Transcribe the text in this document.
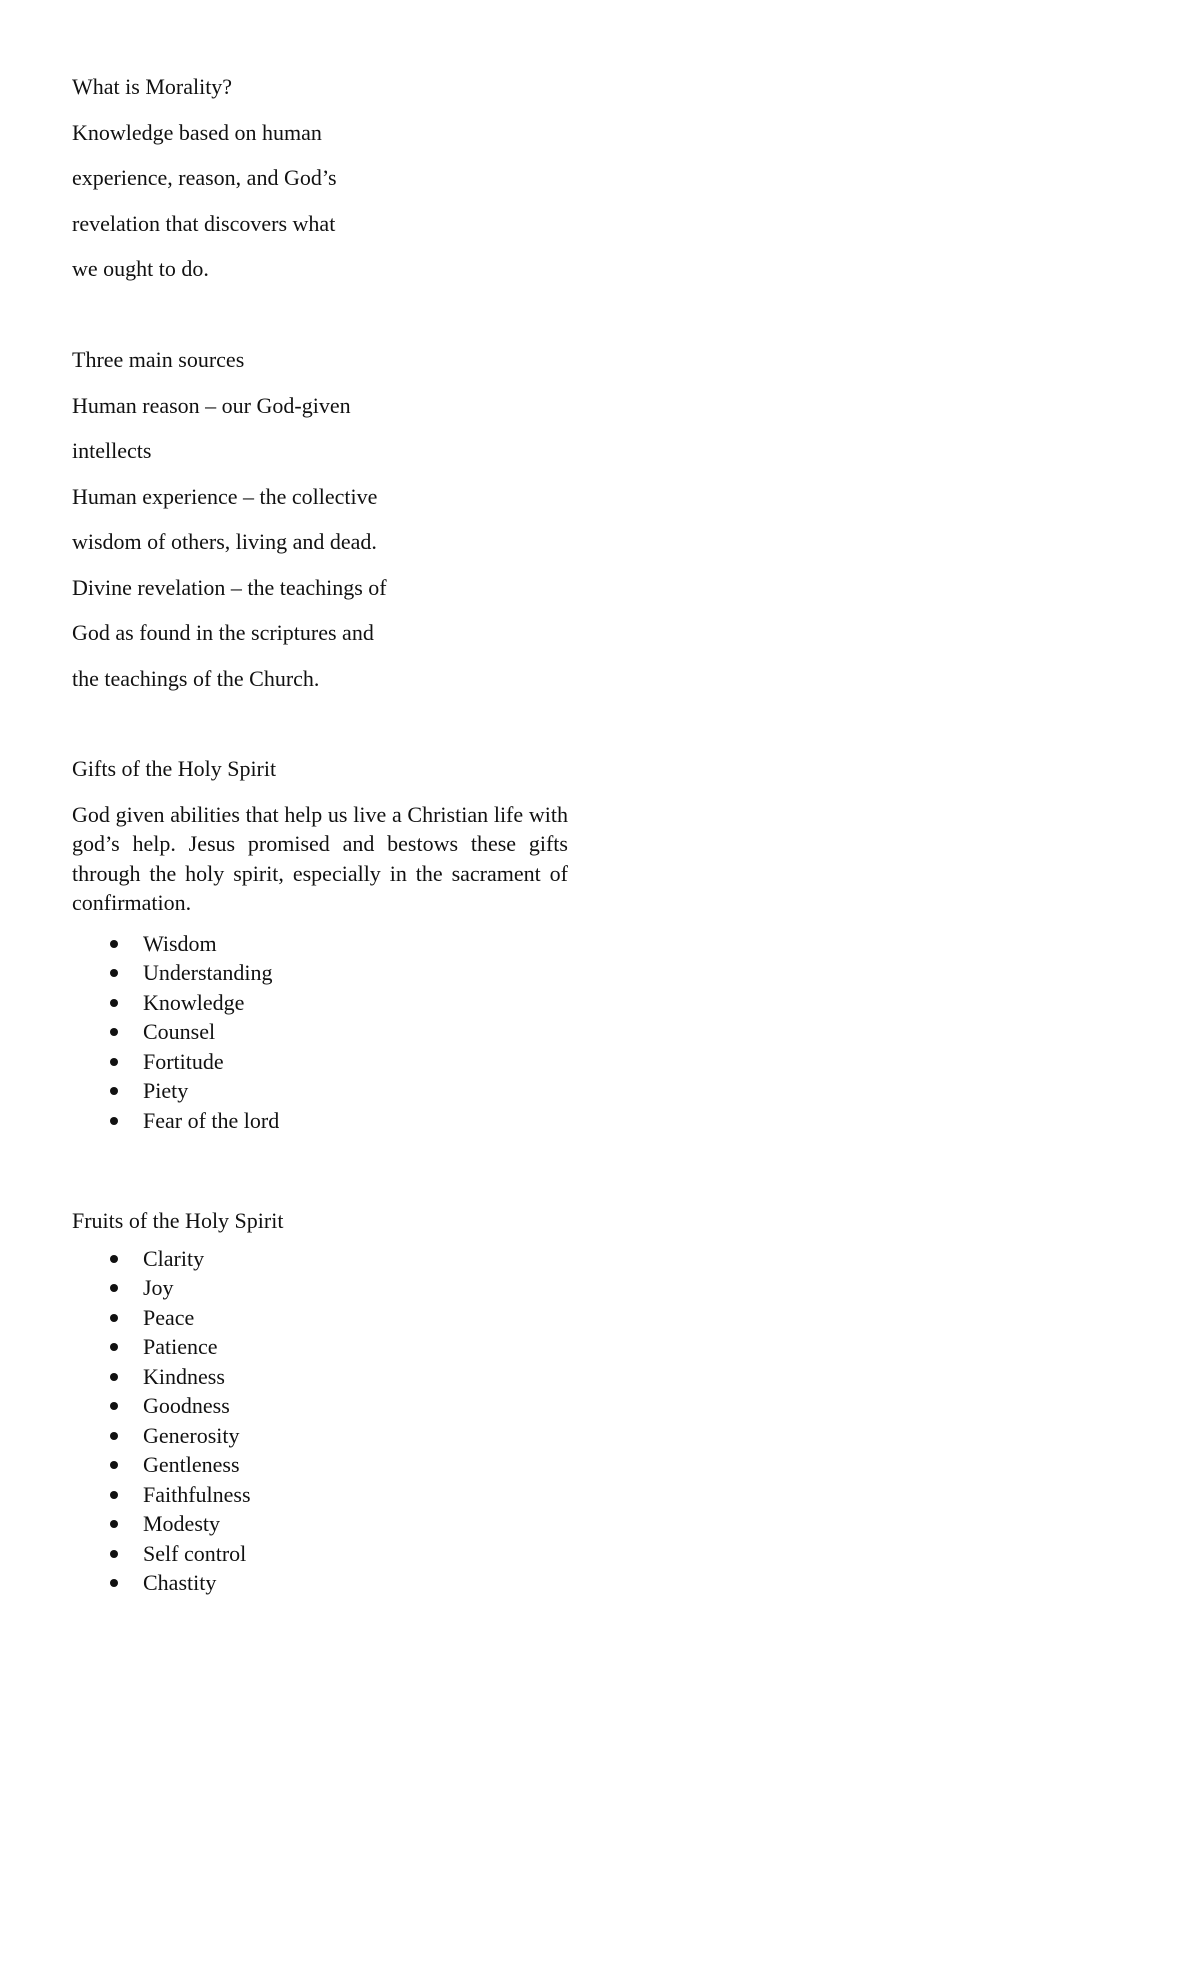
What is Morality?
Knowledge based on human
experience, reason, and God’s
revelation that discovers what
we ought to do.
Three main sources
Human reason – our God-given
intellects
Human experience – the collective
wisdom of others, living and dead.
Divine revelation – the teachings of
God as found in the scriptures and
the teachings of the Church.
Gifts of the Holy Spirit
God given abilities that help us live a Christian life with god’s help. Jesus promised and bestows these gifts through the holy spirit, especially in the sacrament of confirmation.
Wisdom
Understanding
Knowledge
Counsel
Fortitude
Piety
Fear of the lord
Fruits of the Holy Spirit
Clarity
Joy
Peace
Patience
Kindness
Goodness
Generosity
Gentleness
Faithfulness
Modesty
Self control
Chastity
